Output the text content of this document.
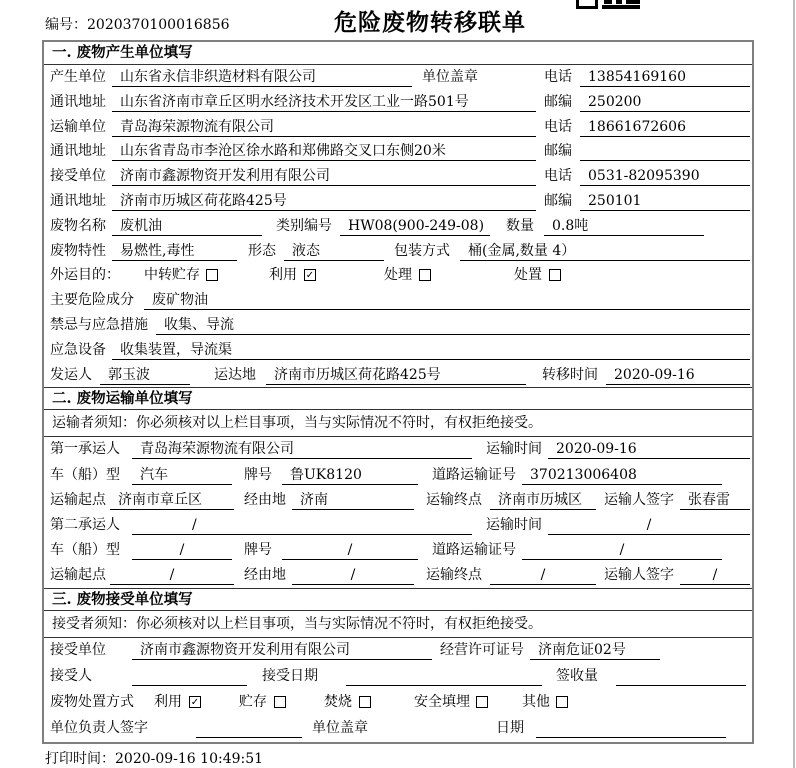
编号：2020370100016856	危险废物转移联单
一. 废物产生单位填写
产生单位	山东省永信非织造材料有限公司	单位盖章	电话	13854169160
通讯地址	山东省济南市章丘区明水经济技术开发区工业一路501号	邮编	250200
运输单位	青岛海荣源物流有限公司	电话	18661672606
通讯地址	山东省青岛市李沧区徐水路和郑佛路交叉口东侧20米	邮编
接受单位	济南市鑫源物资开发利用有限公司	电话	0531-82095390
通讯地址	济南市历城区荷花路425号	邮编	250101
废物名称	废机油	类别编号	HW08(900-249-08)	数量	0.8吨
废物特性	易燃性,毒性	形态	液态	包装方式	桶(金属,数量 4）
外运目的： 中转贮存	利用 ✓	处理	处置
主要危险成分	废矿物油
禁忌与应急措施	收集、导流
应急设备	收集装置，导流渠
发运人	郭玉波	运达地	济南市历城区荷花路425号	转移时间	2020-09-16
二. 废物运输单位填写
运输者须知：你必须核对以上栏目事项，当与实际情况不符时，有权拒绝接受。
第一承运人	青岛海荣源物流有限公司	运输时间	2020-09-16
车（船）型	汽车	牌号	鲁UK8120	道路运输证号	370213006408
运输起点 济南市章丘区	经由地	济南	运输终点	济南市历城区	运输人签字	张春雷
第二承运人	/	运输时间	/
车（船）型	/	牌号	/	道路运输证号	/
运输起点	/	经由地	/	运输终点	/	运输人签字	/
三. 废物接受单位填写
接受者须知：你必须核对以上栏目事项，当与实际情况不符时，有权拒绝接受。
接受单位	济南市鑫源物资开发利用有限公司	经营许可证号	济南危证02号
接受人	接受日期	签收量
废物处置方式 利用 ✓	贮存	焚烧	安全填埋	其他
单位负责人签字	单位盖章	日期
打印时间：2020-09-16 10:49:51
